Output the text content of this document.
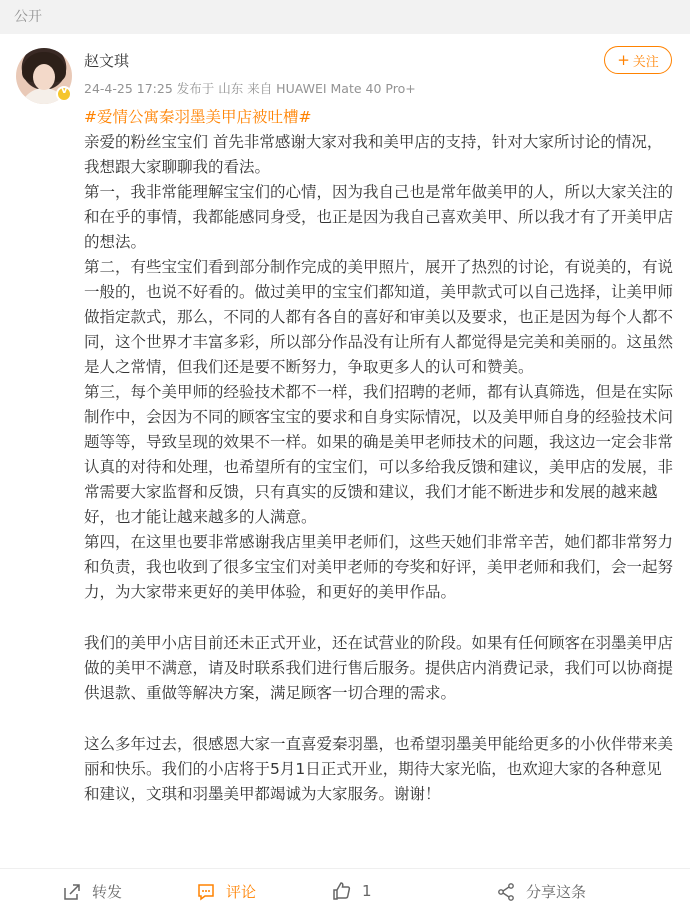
公开
v
赵文琪
24-4-25 17:25 发布于 山东 来自 HUAWEI Mate 40 Pro+
+ 关注

#爱情公寓秦羽墨美甲店被吐槽#

亲爱的粉丝宝宝们 首先非常感谢大家对我和美甲店的支持，针对大家所讨论的情况，我想跟大家聊聊我的看法。

第一，我非常能理解宝宝们的心情，因为我自己也是常年做美甲的人，所以大家关注的和在乎的事情，我都能感同身受，也正是因为我自己喜欢美甲、所以我才有了开美甲店的想法。

第二，有些宝宝们看到部分制作完成的美甲照片，展开了热烈的讨论，有说美的，有说一般的，也说不好看的。做过美甲的宝宝们都知道，美甲款式可以自己选择，让美甲师做指定款式，那么，不同的人都有各自的喜好和审美以及要求，也正是因为每个人都不同，这个世界才丰富多彩，所以部分作品没有让所有人都觉得是完美和美丽的。这虽然是人之常情，但我们还是要不断努力，争取更多人的认可和赞美。

第三，每个美甲师的经验技术都不一样，我们招聘的老师，都有认真筛选，但是在实际制作中，会因为不同的顾客宝宝的要求和自身实际情况，以及美甲师自身的经验技术问题等等，导致呈现的效果不一样。如果的确是美甲老师技术的问题，我这边一定会非常认真的对待和处理，也希望所有的宝宝们，可以多给我反馈和建议，美甲店的发展，非常需要大家监督和反馈，只有真实的反馈和建议，我们才能不断进步和发展的越来越好，也才能让越来越多的人满意。

第四，在这里也要非常感谢我店里美甲老师们，这些天她们非常辛苦，她们都非常努力和负责，我也收到了很多宝宝们对美甲老师的夸奖和好评，美甲老师和我们，会一起努力，为大家带来更好的美甲体验，和更好的美甲作品。

我们的美甲小店目前还未正式开业，还在试营业的阶段。如果有任何顾客在羽墨美甲店做的美甲不满意，请及时联系我们进行售后服务。提供店内消费记录，我们可以协商提供退款、重做等解决方案，满足顾客一切合理的需求。

这么多年过去，很感恩大家一直喜爱秦羽墨，也希望羽墨美甲能给更多的小伙伴带来美丽和快乐。我们的小店将于5月1日正式开业，期待大家光临，也欢迎大家的各种意见和建议，文琪和羽墨美甲都竭诚为大家服务。谢谢！

转发	评论	1	分享这条
